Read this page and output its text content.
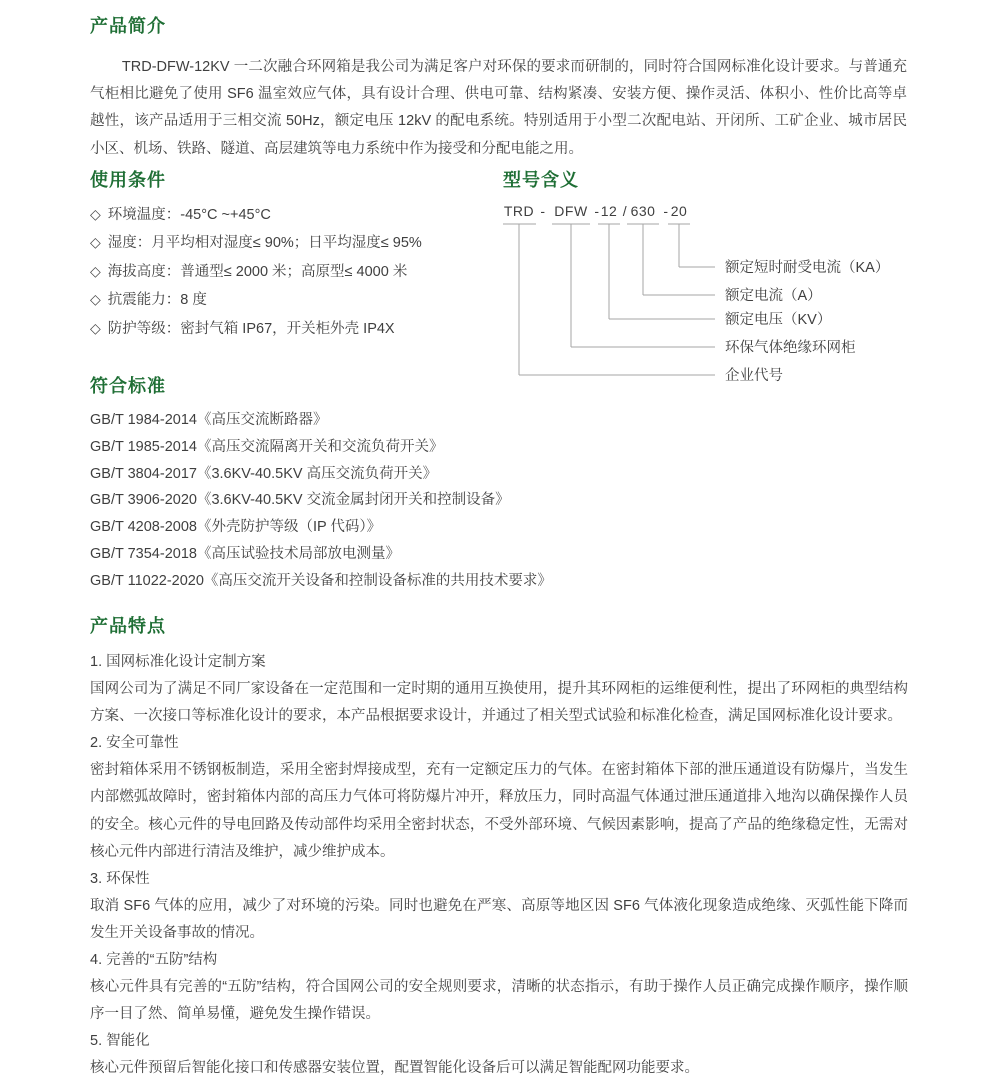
产品简介

TRD-DFW-12KV 一二次融合环网箱是我公司为满足客户对环保的要求而研制的，同时符合国网标准化设计要求。与普通充气柜相比避免了使用 SF6 温室效应气体，具有设计合理、供电可靠、结构紧凑、安装方便、操作灵活、体积小、性价比高等卓越性，该产品适用于三相交流 50Hz，额定电压 12kV 的配电系统。特别适用于小型二次配电站、开闭所、工矿企业、城市居民小区、机场、铁路、隧道、高层建筑等电力系统中作为接受和分配电能之用。

使用条件
◇ 环境温度：-45°C ~+45°C
◇ 湿度：月平均相对湿度≤ 90%；日平均湿度≤ 95%
◇ 海拔高度：普通型≤ 2000 米；高原型≤ 4000 米
◇ 抗震能力：8 度
◇ 防护等级：密封气箱 IP67，开关柜外壳 IP4X
型号含义
TRD - DFW - 12 / 630 - 20
额定短时耐受电流（KA）
额定电流（A）
额定电压（KV）
环保气体绝缘环网柜
企业代号
符合标准
GB/T 1984-2014《高压交流断路器》
GB/T 1985-2014《高压交流隔离开关和交流负荷开关》
GB/T 3804-2017《3.6KV-40.5KV 高压交流负荷开关》
GB/T 3906-2020《3.6KV-40.5KV 交流金属封闭开关和控制设备》
GB/T 4208-2008《外壳防护等级（IP 代码）》
GB/T 7354-2018《高压试验技术局部放电测量》
GB/T 11022-2020《高压交流开关设备和控制设备标准的共用技术要求》
产品特点
1. 国网标准化设计定制方案

国网公司为了满足不同厂家设备在一定范围和一定时期的通用互换使用，提升其环网柜的运维便利性，提出了环网柜的典型结构方案、一次接口等标准化设计的要求，本产品根据要求设计，并通过了相关型式试验和标准化检查，满足国网标准化设计要求。

2. 安全可靠性

密封箱体采用不锈钢板制造，采用全密封焊接成型，充有一定额定压力的气体。在密封箱体下部的泄压通道设有防爆片，当发生内部燃弧故障时，密封箱体内部的高压力气体可将防爆片冲开，释放压力，同时高温气体通过泄压通道排入地沟以确保操作人员的安全。核心元件的导电回路及传动部件均采用全密封状态，不受外部环境、气候因素影响，提高了产品的绝缘稳定性，无需对核心元件内部进行清洁及维护，减少维护成本。

3. 环保性

取消 SF6 气体的应用，减少了对环境的污染。同时也避免在严寒、高原等地区因 SF6 气体液化现象造成绝缘、灭弧性能下降而发生开关设备事故的情况。

4. 完善的“五防”结构

核心元件具有完善的“五防”结构，符合国网公司的安全规则要求，清晰的状态指示，有助于操作人员正确完成操作顺序，操作顺序一目了然、简单易懂，避免发生操作错误。

5. 智能化

核心元件预留后智能化接口和传感器安装位置，配置智能化设备后可以满足智能配网功能要求。
